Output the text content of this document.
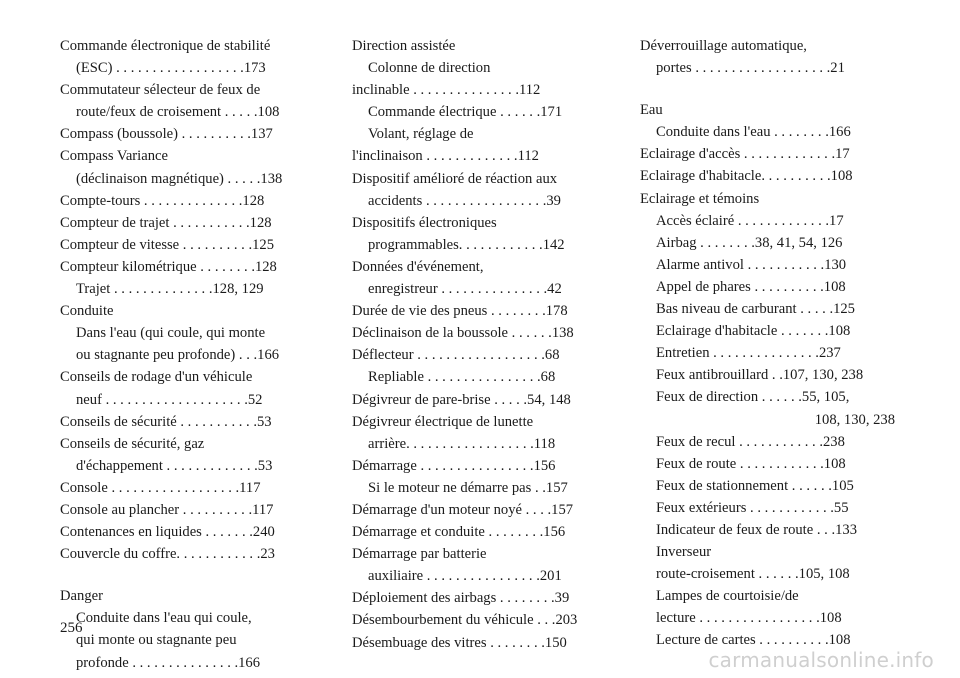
Commande électronique de stabilité
(ESC) . . . . . . . . . . . . . . . . . .173
Commutateur sélecteur de feux de
route/feux de croisement . . . . .108
Compass (boussole) . . . . . . . . . .137
Compass Variance
(déclinaison magnétique) . . . . .138
Compte-tours . . . . . . . . . . . . . .128
Compteur de trajet . . . . . . . . . . .128
Compteur de vitesse . . . . . . . . . .125
Compteur kilométrique . . . . . . . .128
Trajet . . . . . . . . . . . . . .128, 129
Conduite
Dans l'eau (qui coule, qui monte
ou stagnante peu profonde) . . .166
Conseils de rodage d'un véhicule
neuf . . . . . . . . . . . . . . . . . . . .52
Conseils de sécurité . . . . . . . . . . .53
Conseils de sécurité, gaz
d'échappement . . . . . . . . . . . . .53
Console . . . . . . . . . . . . . . . . . .117
Console au plancher . . . . . . . . . .117
Contenances en liquides . . . . . . .240
Couvercle du coffre. . . . . . . . . . . .23
Danger
Conduite dans l'eau qui coule,
qui monte ou stagnante peu
profonde . . . . . . . . . . . . . . .166
Direction assistée
Colonne de direction
inclinable . . . . . . . . . . . . . . .112
Commande électrique . . . . . .171
Volant, réglage de
l'inclinaison . . . . . . . . . . . . .112
Dispositif amélioré de réaction aux
accidents . . . . . . . . . . . . . . . . .39
Dispositifs électroniques
programmables. . . . . . . . . . . .142
Données d'événement,
enregistreur . . . . . . . . . . . . . . .42
Durée de vie des pneus . . . . . . . .178
Déclinaison de la boussole . . . . . .138
Déflecteur . . . . . . . . . . . . . . . . . .68
Repliable . . . . . . . . . . . . . . . .68
Dégivreur de pare-brise . . . . .54, 148
Dégivreur électrique de lunette
arrière. . . . . . . . . . . . . . . . . .118
Démarrage . . . . . . . . . . . . . . . .156
Si le moteur ne démarre pas . .157
Démarrage d'un moteur noyé . . . .157
Démarrage et conduite . . . . . . . .156
Démarrage par batterie
auxiliaire . . . . . . . . . . . . . . . .201
Déploiement des airbags . . . . . . . .39
Désembourbement du véhicule . . .203
Désembuage des vitres . . . . . . . .150
Déverrouillage automatique,
portes . . . . . . . . . . . . . . . . . . .21
Eau
Conduite dans l'eau . . . . . . . .166
Eclairage d'accès . . . . . . . . . . . . .17
Eclairage d'habitacle. . . . . . . . . .108
Eclairage et témoins
Accès éclairé . . . . . . . . . . . . .17
Airbag . . . . . . . .38, 41, 54, 126
Alarme antivol . . . . . . . . . . .130
Appel de phares . . . . . . . . . .108
Bas niveau de carburant . . . . .125
Eclairage d'habitacle . . . . . . .108
Entretien . . . . . . . . . . . . . . .237
Feux antibrouillard . .107, 130, 238
Feux de direction . . . . . .55, 105,
108, 130, 238
Feux de recul . . . . . . . . . . . .238
Feux de route . . . . . . . . . . . .108
Feux de stationnement . . . . . .105
Feux extérieurs . . . . . . . . . . . .55
Indicateur de feux de route . . .133
Inverseur
route-croisement . . . . . .105, 108
Lampes de courtoisie/de
lecture . . . . . . . . . . . . . . . . .108
Lecture de cartes . . . . . . . . . .108
256
carmanualsonline.info
